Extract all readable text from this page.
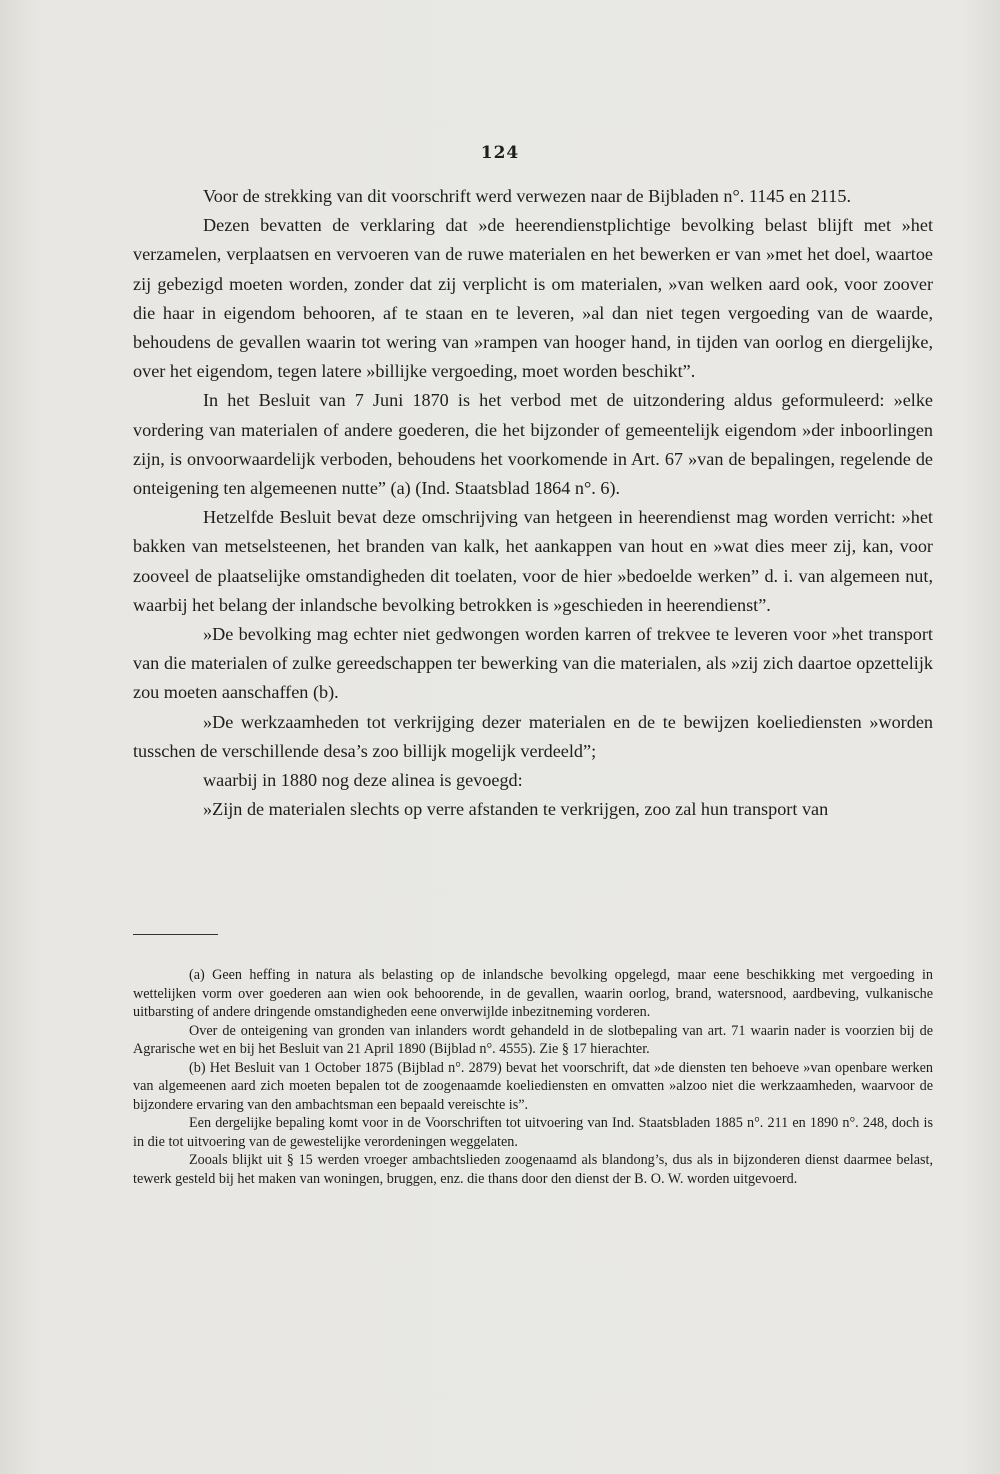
124

Voor de strekking van dit voorschrift werd verwezen naar de Bijbladen n°. 1145 en 2115.

Dezen bevatten de verklaring dat »de heerendienstplichtige bevolking belast blijft met »het verzamelen, verplaatsen en vervoeren van de ruwe materialen en het bewerken er van »met het doel, waartoe zij gebezigd moeten worden, zonder dat zij verplicht is om materialen, »van welken aard ook, voor zoover die haar in eigendom behooren, af te staan en te leveren, »al dan niet tegen vergoeding van de waarde, behoudens de gevallen waarin tot wering van »rampen van hooger hand, in tijden van oorlog en diergelijke, over het eigendom, tegen latere »billijke vergoeding, moet worden beschikt”.

In het Besluit van 7 Juni 1870 is het verbod met de uitzondering aldus geformuleerd: »elke vordering van materialen of andere goederen, die het bijzonder of gemeentelijk eigendom »der inboorlingen zijn, is onvoorwaardelijk verboden, behoudens het voorkomende in Art. 67 »van de bepalingen, regelende de onteigening ten algemeenen nutte” (a) (Ind. Staatsblad 1864 n°. 6).

Hetzelfde Besluit bevat deze omschrijving van hetgeen in heerendienst mag worden verricht: »het bakken van metselsteenen, het branden van kalk, het aankappen van hout en »wat dies meer zij, kan, voor zooveel de plaatselijke omstandigheden dit toelaten, voor de hier »bedoelde werken” d. i. van algemeen nut, waarbij het belang der inlandsche bevolking betrokken is »geschieden in heerendienst”.

»De bevolking mag echter niet gedwongen worden karren of trekvee te leveren voor »het transport van die materialen of zulke gereedschappen ter bewerking van die materialen, als »zij zich daartoe opzettelijk zou moeten aanschaffen (b).

»De werkzaamheden tot verkrijging dezer materialen en de te bewijzen koeliediensten »worden tusschen de verschillende desa’s zoo billijk mogelijk verdeeld”;

waarbij in 1880 nog deze alinea is gevoegd:

»Zijn de materialen slechts op verre afstanden te verkrijgen, zoo zal hun transport van

(a) Geen heffing in natura als belasting op de inlandsche bevolking opgelegd, maar eene beschikking met vergoeding in wettelijken vorm over goederen aan wien ook behoorende, in de gevallen, waarin oorlog, brand, watersnood, aardbeving, vulkanische uitbarsting of andere dringende omstandigheden eene onverwijlde inbezitneming vorderen.

Over de onteigening van gronden van inlanders wordt gehandeld in de slotbepaling van art. 71 waarin nader is voorzien bij de Agrarische wet en bij het Besluit van 21 April 1890 (Bijblad n°. 4555). Zie § 17 hierachter.

(b) Het Besluit van 1 October 1875 (Bijblad n°. 2879) bevat het voorschrift, dat »de diensten ten behoeve »van openbare werken van algemeenen aard zich moeten bepalen tot de zoogenaamde koeliediensten en omvatten »alzoo niet die werkzaamheden, waarvoor de bijzondere ervaring van den ambachtsman een bepaald vereischte is”.

Een dergelijke bepaling komt voor in de Voorschriften tot uitvoering van Ind. Staatsbladen 1885 n°. 211 en 1890 n°. 248, doch is in die tot uitvoering van de gewestelijke verordeningen weggelaten.

Zooals blijkt uit § 15 werden vroeger ambachtslieden zoogenaamd als blandong’s, dus als in bijzonderen dienst daarmee belast, tewerk gesteld bij het maken van woningen, bruggen, enz. die thans door den dienst der B. O. W. worden uitgevoerd.
